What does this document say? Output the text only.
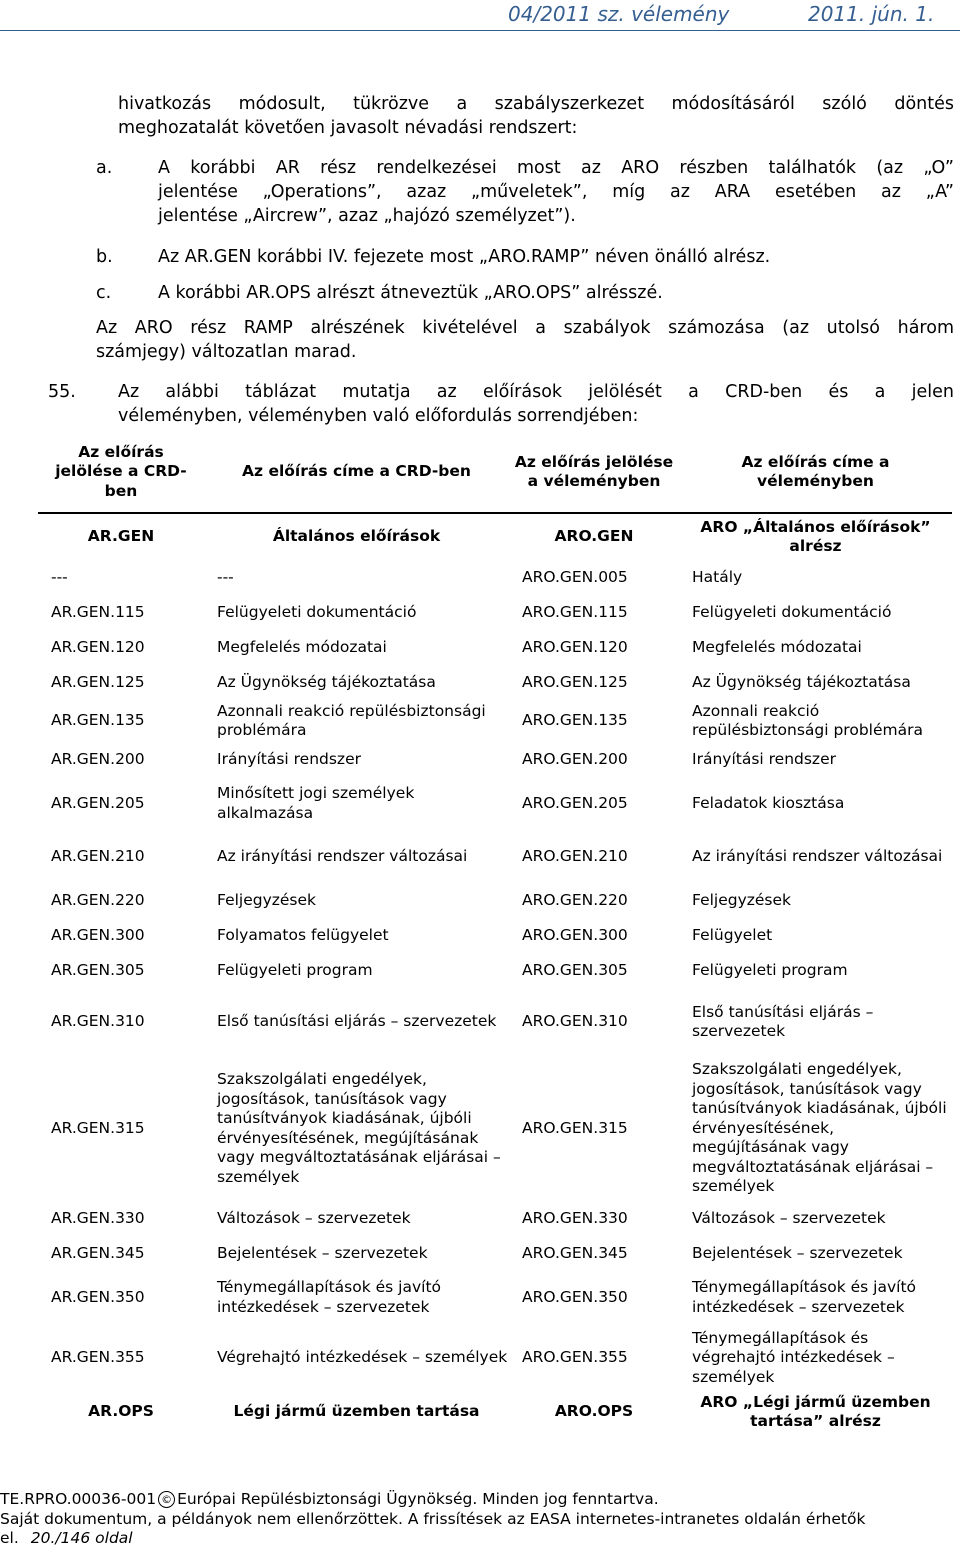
04/2011 sz. vélemény	2011. jún. 1.
hivatkozás módosult, tükrözve a szabályszerkezet módosításáról szóló döntés
meghozatalát követően javasolt névadási rendszert:
a.	A korábbi AR rész rendelkezései most az ARO részben találhatók (az „O”
jelentése „Operations”, azaz „műveletek”, míg az ARA esetében az „A”
jelentése „Aircrew”, azaz „hajózó személyzet”).
b.	Az AR.GEN korábbi IV. fejezete most „ARO.RAMP” néven önálló alrész.
c.	A korábbi AR.OPS alrészt átneveztük „ARO.OPS” alrésszé.
Az ARO rész RAMP alrészének kivételével a szabályok számozása (az utolsó három
számjegy) változatlan marad.
55. Az alábbi táblázat mutatja az előírások jelölését a CRD-ben és a jelen
véleményben, véleményben való előfordulás sorrendjében:
Az előírás jelölése a CRD-ben	Az előírás címe a CRD-ben	Az előírás jelölése a véleményben	Az előírás címe a véleményben
AR.GEN	Általános előírások	ARO.GEN	ARO „Általános előírások” alrész
---	---	ARO.GEN.005	Hatály
AR.GEN.115	Felügyeleti dokumentáció	ARO.GEN.115	Felügyeleti dokumentáció
AR.GEN.120	Megfelelés módozatai	ARO.GEN.120	Megfelelés módozatai
AR.GEN.125	Az Ügynökség tájékoztatása	ARO.GEN.125	Az Ügynökség tájékoztatása
AR.GEN.135	Azonnali reakció repülésbiztonsági problémára	ARO.GEN.135	Azonnali reakció repülésbiztonsági problémára
AR.GEN.200	Irányítási rendszer	ARO.GEN.200	Irányítási rendszer
AR.GEN.205	Minősített jogi személyek alkalmazása	ARO.GEN.205	Feladatok kiosztása
AR.GEN.210	Az irányítási rendszer változásai	ARO.GEN.210	Az irányítási rendszer változásai
AR.GEN.220	Feljegyzések	ARO.GEN.220	Feljegyzések
AR.GEN.300	Folyamatos felügyelet	ARO.GEN.300	Felügyelet
AR.GEN.305	Felügyeleti program	ARO.GEN.305	Felügyeleti program
AR.GEN.310	Első tanúsítási eljárás – szervezetek	ARO.GEN.310	Első tanúsítási eljárás – szervezetek
AR.GEN.315	Szakszolgálati engedélyek, jogosítások, tanúsítások vagy tanúsítványok kiadásának, újbóli érvényesítésének, megújításának vagy megváltoztatásának eljárásai – személyek	ARO.GEN.315	Szakszolgálati engedélyek, jogosítások, tanúsítások vagy tanúsítványok kiadásának, újbóli érvényesítésének, megújításának vagy megváltoztatásának eljárásai – személyek
AR.GEN.330	Változások – szervezetek	ARO.GEN.330	Változások – szervezetek
AR.GEN.345	Bejelentések – szervezetek	ARO.GEN.345	Bejelentések – szervezetek
AR.GEN.350	Ténymegállapítások és javító intézkedések – szervezetek	ARO.GEN.350	Ténymegállapítások és javító intézkedések – szervezetek
AR.GEN.355	Végrehajtó intézkedések – személyek	ARO.GEN.355	Ténymegállapítások és végrehajtó intézkedések – személyek
AR.OPS	Légi jármű üzemben tartása	ARO.OPS	ARO „Légi jármű üzemben tartása” alrész
TE.RPRO.00036-001 © Európai Repülésbiztonsági Ügynökség. Minden jog fenntartva.
Saját dokumentum, a példányok nem ellenőrzöttek. A frissítések az EASA internetes-intranetes oldalán érhetők el. 20./146 oldal
